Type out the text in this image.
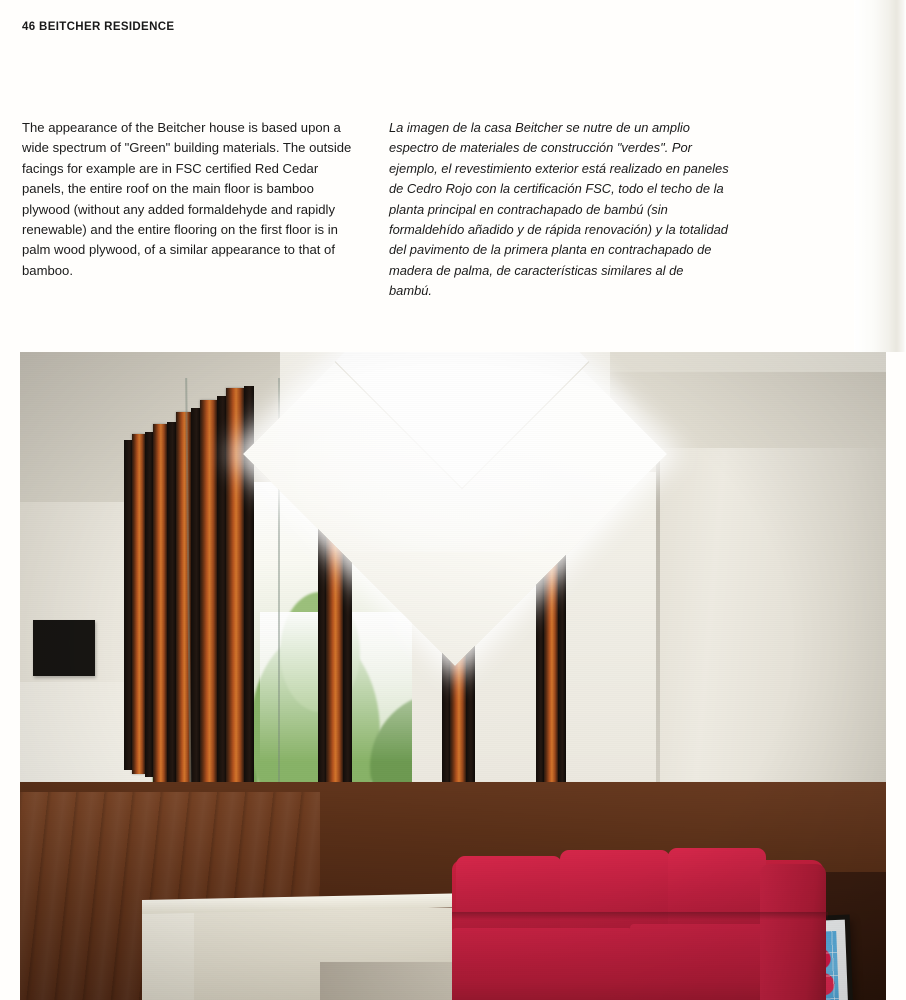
46 BEITCHER RESIDENCE

The appearance of the Beitcher house is based upon a wide spectrum of "Green" building materials. The outside facings for example are in FSC certified Red Cedar panels, the entire roof on the main floor is bamboo plywood (without any added formaldehyde and rapidly renewable) and the entire flooring on the first floor is in palm wood plywood, of a similar appearance to that of bamboo.

La imagen de la casa Beitcher se nutre de un amplio espectro de materiales de construcción "verdes". Por ejemplo, el revestimiento exterior está realizado en paneles de Cedro Rojo con la certificación FSC, todo el techo de la planta principal en contrachapado de bambú (sin formaldehído añadido y de rápida renovación) y la totalidad del pavimento de la primera planta en contrachapado de madera de palma, de características similares al de bambú.
